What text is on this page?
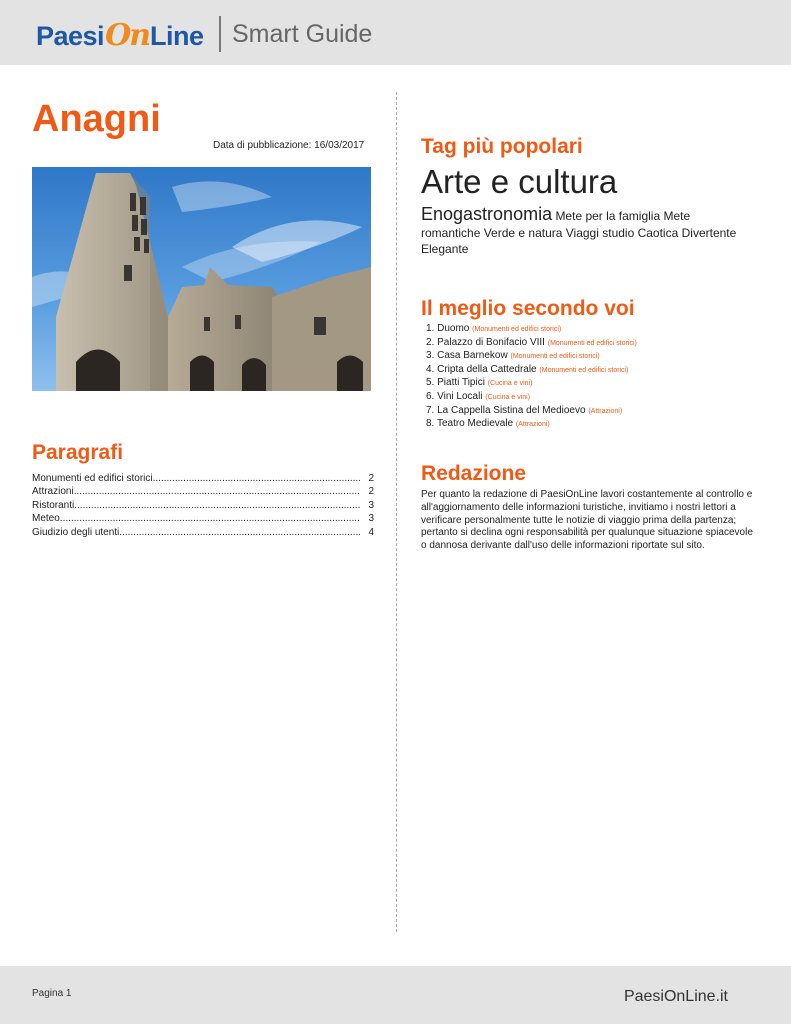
Paesi On Line Smart Guide
Anagni
Data di pubblicazione: 16/03/2017
Paragrafi
Monumenti ed edifici storici .....	2
Attrazioni .....	2
Ristoranti .....	3
Meteo .....	3
Giudizio degli utenti .....	4
Tag più popolari
Arte e cultura
Enogastronomia Mete per la famiglia Mete romantiche Verde e natura Viaggi studio Caotica Divertente Elegante
Il meglio secondo voi
1. Duomo (Monumenti ed edifici storici)
2. Palazzo di Bonifacio VIII (Monumenti ed edifici storici)
3. Casa Barnekow (Monumenti ed edifici storici)
4. Cripta della Cattedrale (Monumenti ed edifici storici)
5. Piatti Tipici (Cucina e vini)
6. Vini Locali (Cucina e vini)
7. La Cappella Sistina del Medioevo (Attrazioni)
8. Teatro Medievale (Attrazioni)
Redazione
Per quanto la redazione di PaesiOnLine lavori costantemente al controllo e all'aggiornamento delle informazioni turistiche, invitiamo i nostri lettori a verificare personalmente tutte le notizie di viaggio prima della partenza; pertanto si declina ogni responsabilità per qualunque situazione spiacevole o dannosa derivante dall'uso delle informazioni riportate sul sito.
Pagina 1	PaesiOnLine.it
